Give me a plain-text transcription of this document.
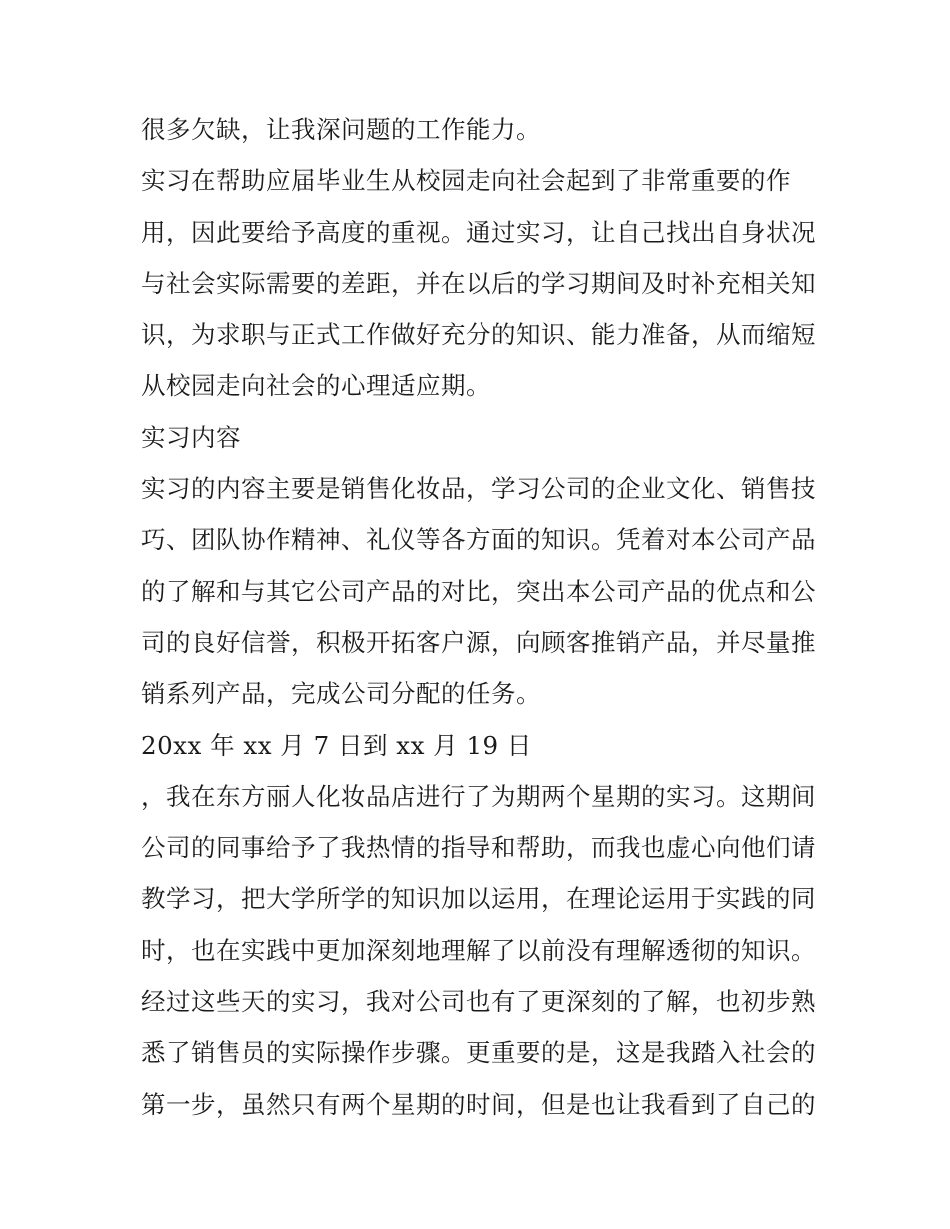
很多欠缺，让我深问题的工作能力。
实习在帮助应届毕业生从校园走向社会起到了非常重要的作
用，因此要给予高度的重视。通过实习，让自己找出自身状况
与社会实际需要的差距，并在以后的学习期间及时补充相关知
识，为求职与正式工作做好充分的知识、能力准备，从而缩短
从校园走向社会的心理适应期。
实习内容
实习的内容主要是销售化妆品，学习公司的企业文化、销售技
巧、团队协作精神、礼仪等各方面的知识。凭着对本公司产品
的了解和与其它公司产品的对比，突出本公司产品的优点和公
司的良好信誉，积极开拓客户源，向顾客推销产品，并尽量推
销系列产品，完成公司分配的任务。
20xx 年 xx 月 7 日到 xx 月 19 日
，我在东方丽人化妆品店进行了为期两个星期的实习。这期间
公司的同事给予了我热情的指导和帮助，而我也虚心向他们请
教学习，把大学所学的知识加以运用，在理论运用于实践的同
时，也在实践中更加深刻地理解了以前没有理解透彻的知识。
经过这些天的实习，我对公司也有了更深刻的了解，也初步熟
悉了销售员的实际操作步骤。更重要的是，这是我踏入社会的
第一步，虽然只有两个星期的时间，但是也让我看到了自己的
